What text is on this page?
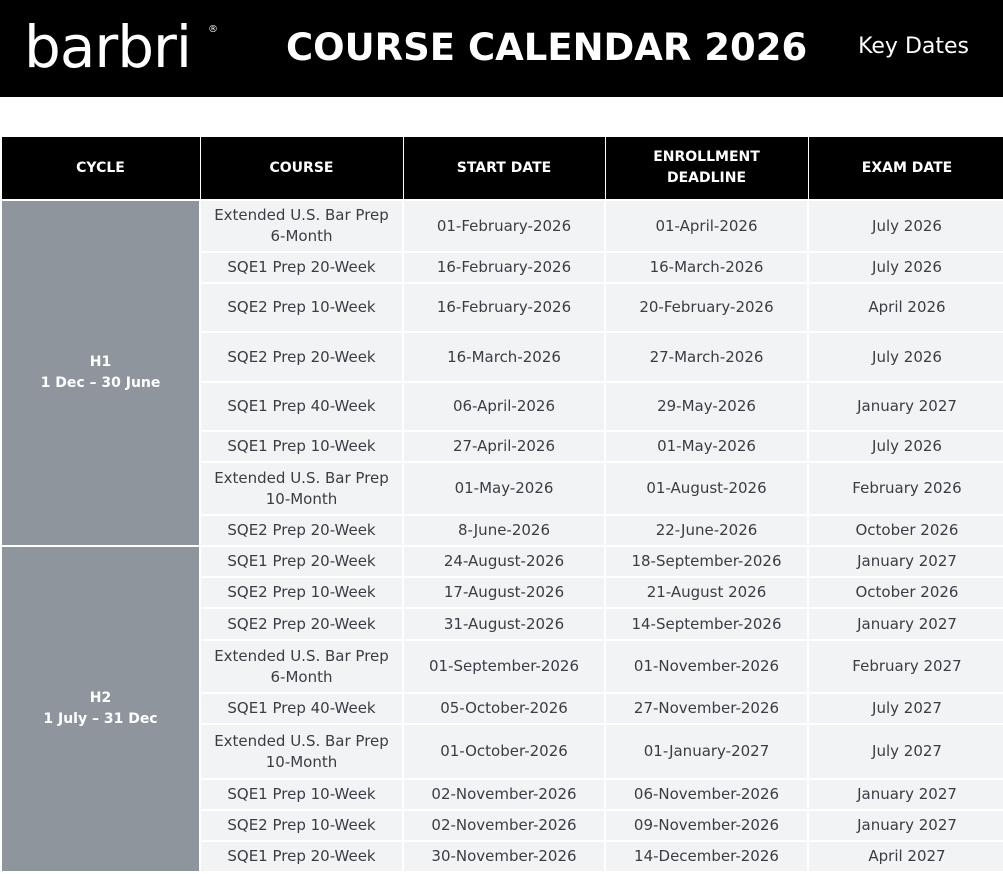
barbri ® COURSE CALENDAR 2026 Key Dates
CYCLE	COURSE	START DATE	ENROLLMENT
DEADLINE	EXAM DATE

H1
1 Dec – 30 June	Extended U.S. Bar Prep 6-Month	01-February-2026	01-April-2026	July 2026
	SQE1 Prep 20-Week	16-February-2026	16-March-2026	July 2026
	SQE2 Prep 10-Week	16-February-2026	20-February-2026	April 2026
	SQE2 Prep 20-Week	16-March-2026	27-March-2026	July 2026
	SQE1 Prep 40-Week	06-April-2026	29-May-2026	January 2027
	SQE1 Prep 10-Week	27-April-2026	01-May-2026	July 2026
	Extended U.S. Bar Prep 10-Month	01-May-2026	01-August-2026	February 2026
	SQE2 Prep 20-Week	8-June-2026	22-June-2026	October 2026

H2
1 July – 31 Dec	SQE1 Prep 20-Week	24-August-2026	18-September-2026	January 2027
	SQE2 Prep 10-Week	17-August-2026	21-August 2026	October 2026
	SQE2 Prep 20-Week	31-August-2026	14-September-2026	January 2027
	Extended U.S. Bar Prep 6-Month	01-September-2026	01-November-2026	February 2027
	SQE1 Prep 40-Week	05-October-2026	27-November-2026	July 2027
	Extended U.S. Bar Prep 10-Month	01-October-2026	01-January-2027	July 2027
	SQE1 Prep 10-Week	02-November-2026	06-November-2026	January 2027
	SQE2 Prep 10-Week	02-November-2026	09-November-2026	January 2027
	SQE1 Prep 20-Week	30-November-2026	14-December-2026	April 2027
